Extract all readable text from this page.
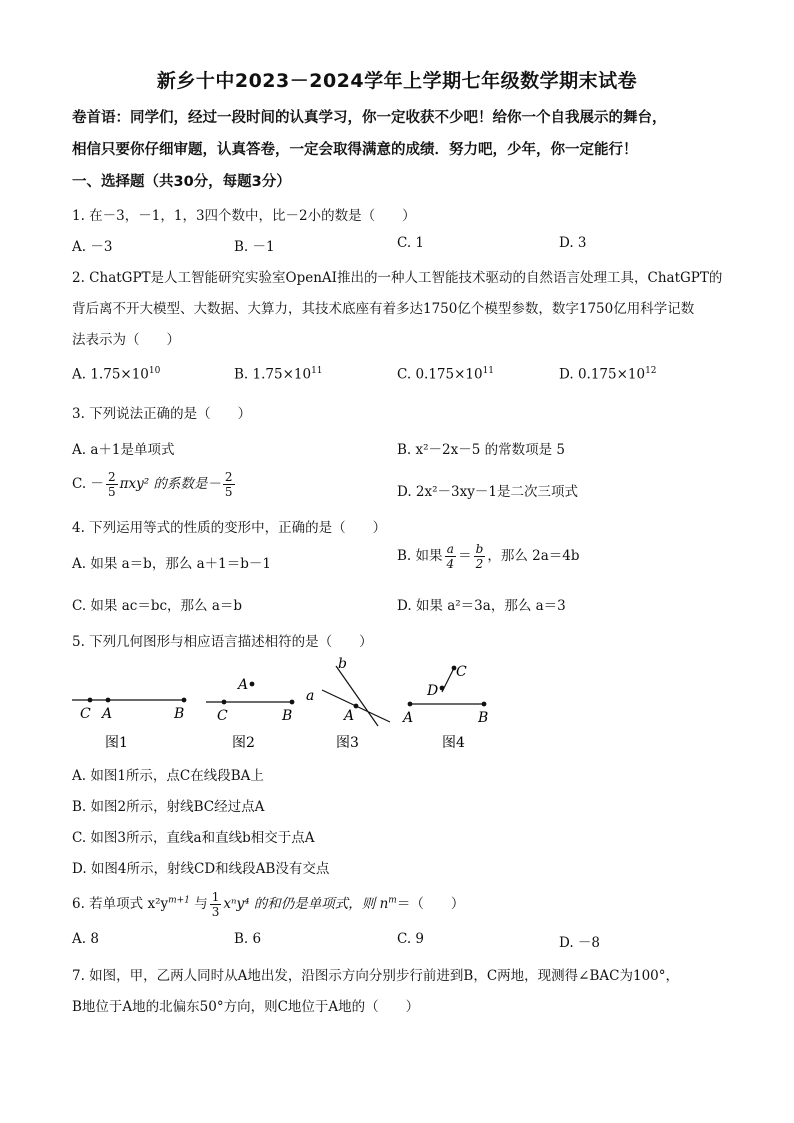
新乡十中2023－2024学年上学期七年级数学期末试卷
卷首语：同学们，经过一段时间的认真学习，你一定收获不少吧！给你一个自我展示的舞台，
相信只要你仔细审题，认真答卷，一定会取得满意的成绩．努力吧，少年，你一定能行！
一、选择题（共30分，每题3分）
1. 在－3，－1，1，3四个数中，比－2小的数是（　　）
A. －3	B. －1	C. 1	D. 3
2. ChatGPT是人工智能研究实验室OpenAI推出的一种人工智能技术驱动的自然语言处理工具，ChatGPT的
背后离不开大模型、大数据、大算力，其技术底座有着多达1750亿个模型参数，数字1750亿用科学记数
法表示为（　　）
A. $1.75\times 10^{10}$	B. $1.75\times 10^{11}$	C. $0.175\times 10^{11}$	D. $0.175\times 10^{12}$
3. 下列说法正确的是（　　）
A. a＋1是单项式	B. x²－2x－5 的常数项是 5
C. － $\frac{2}{5} \pi xy^2$ 的系数是－ $\frac{2}{5}$	D. 2x²－3xy－1是二次三项式
4. 下列运用等式的性质的变形中，正确的是（　　）
A. 如果 a＝b，那么 a＋1＝b－1	B. 如果 $\frac{a}{4} = \frac{b}{2}$ ，那么 2a＝4b
C. 如果 ac＝bc，那么 a＝b	D. 如果 a²＝3a，那么 a＝3
5. 下列几何图形与相应语言描述相符的是（　　）
C A	B
图1
A
C	B
图2
b
a
A
图3
C
D
A	B
图4
A. 如图1所示，点C在线段BA上
B. 如图2所示，射线BC经过点A
C. 如图3所示，直线a和直线b相交于点A
D. 如图4所示，射线CD和线段AB没有交点
6. 若单项式 $x^2y^{m+1}$ 与 $\frac{1}{3} x^ny^4$ 的和仍是单项式，则 $n^m=$（　　）
A. 8	B. 6	C. 9	D. －8
7. 如图，甲，乙两人同时从A地出发，沿图示方向分别步行前进到B，C两地，现测得∠BAC为100°，
B地位于A地的北偏东50°方向，则C地位于A地的（　　）
